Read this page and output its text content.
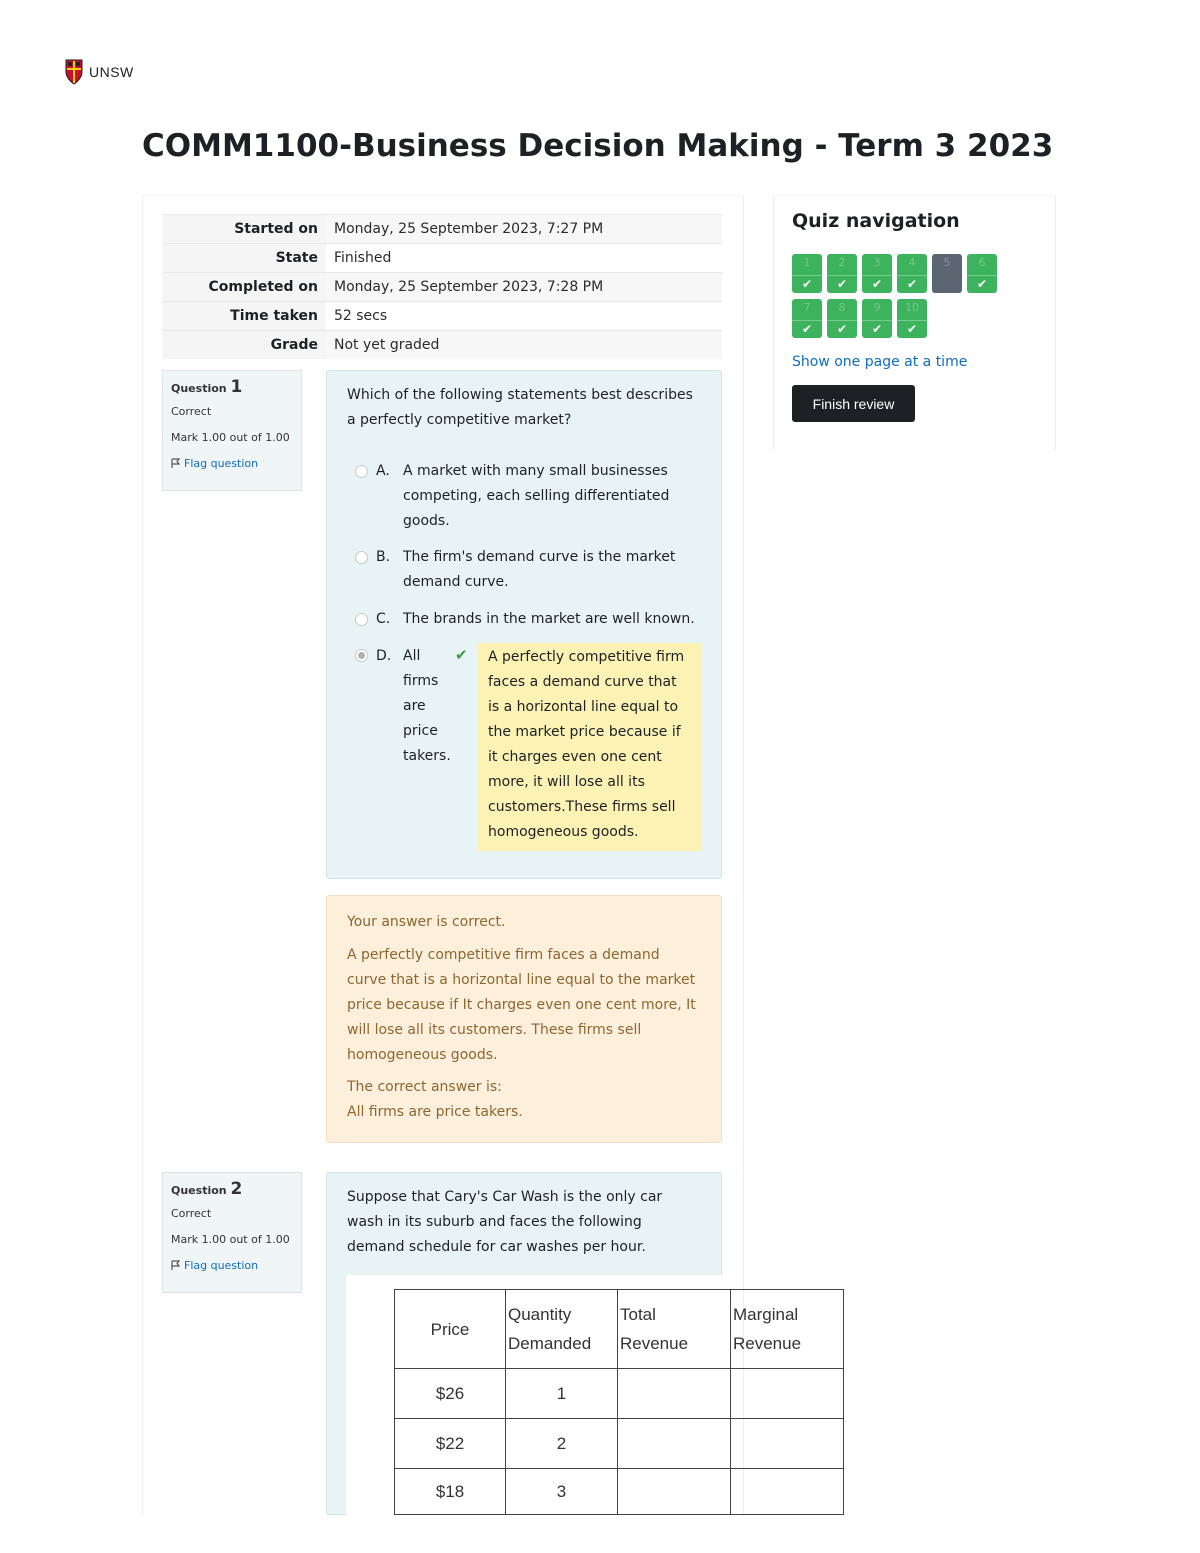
UNSW
COMM1100-Business Decision Making - Term 3 2023
Started on	Monday, 25 September 2023, 7:27 PM
State	Finished
Completed on	Monday, 25 September 2023, 7:28 PM
Time taken	52 secs
Grade	Not yet graded
Question 1
Correct
Mark 1.00 out of 1.00
Flag question
Which of the following statements best describes a perfectly competitive market?
A. A market with many small businesses competing, each selling differentiated goods.
B. The firm's demand curve is the market demand curve.
C. The brands in the market are well known.
D. All firms are price takers.
✔	A perfectly competitive firm faces a demand curve that is a horizontal line equal to the market price because if it charges even one cent more, it will lose all its customers.These firms sell homogeneous goods.

Your answer is correct.

A perfectly competitive firm faces a demand curve that is a horizontal line equal to the market price because if It charges even one cent more, It will lose all its customers. These firms sell homogeneous goods.

The correct answer is:

All firms are price takers.

Question 2
Correct
Mark 1.00 out of 1.00
Flag question
Suppose that Cary's Car Wash is the only car wash in its suburb and faces the following demand schedule for car washes per hour.
Price	Quantity Demanded	Total Revenue	Marginal Revenue
$26	1		
$22	2		
$18	3		
Quiz navigation
1
✔
2
✔
3
✔
4
✔
5	6
✔
7
✔
8
✔
9
✔
10
✔
Show one page at a time
Finish review
